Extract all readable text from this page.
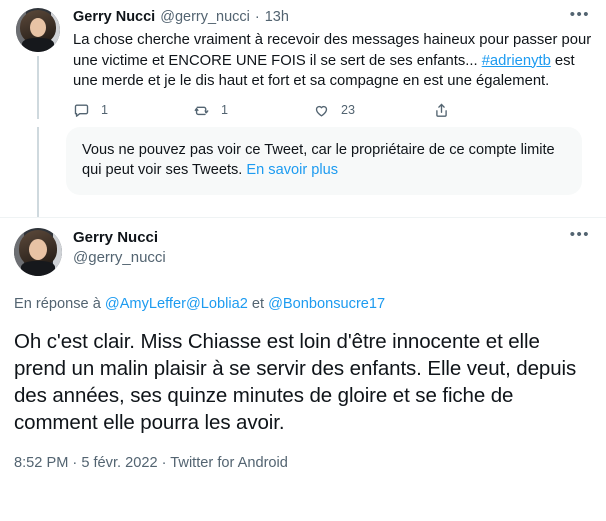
Gerry Nucci @gerry_nucci · 13h	•••
La chose cherche vraiment à recevoir des messages haineux pour passer pour une victime et ENCORE UNE FOIS il se sert de ses enfants... #adrienytb est une merde et je le dis haut et fort et sa compagne en est une également.
1	1	23
Vous ne pouvez pas voir ce Tweet, car le propriétaire de ce compte limite qui peut voir ses Tweets. En savoir plus
Gerry Nucci
@gerry_nucci
•••
En réponse à @AmyLeffer@Loblia2 et @Bonbonsucre17
Oh c'est clair. Miss Chiasse est loin d'être innocente et elle prend un malin plaisir à se servir des enfants. Elle veut, depuis des années, ses quinze minutes de gloire et se fiche de comment elle pourra les avoir.
8:52 PM · 5 févr. 2022 · Twitter for Android
